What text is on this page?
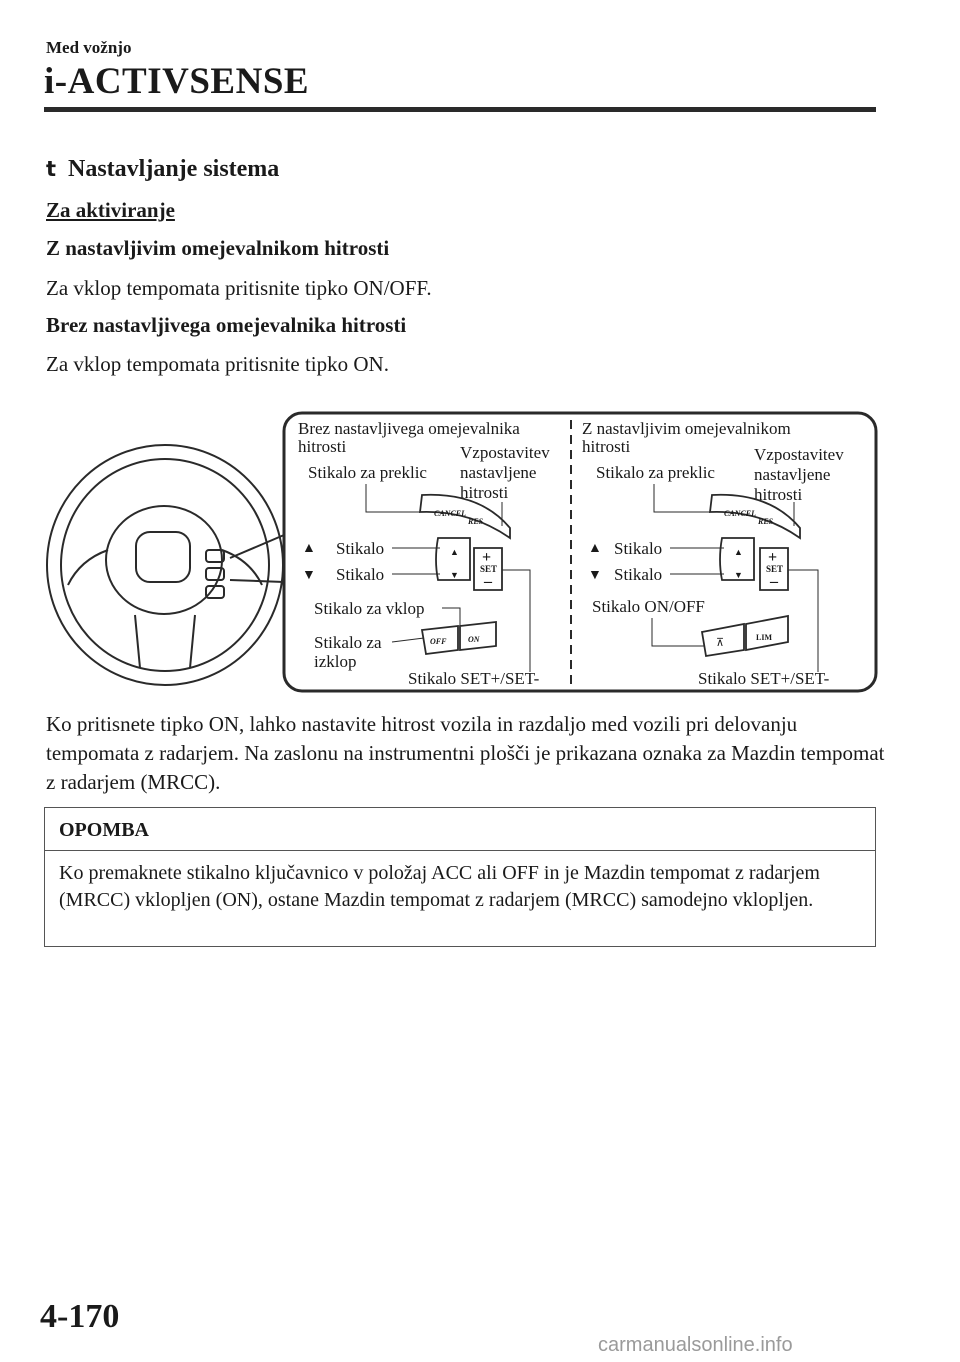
Med vožnjo
i-ACTIVSENSE
t Nastavljanje sistema
Za aktiviranje
Z nastavljivim omejevalnikom hitrosti
Za vklop tempomata pritisnite tipko ON/OFF.
Brez nastavljivega omejevalnika hitrosti
Za vklop tempomata pritisnite tipko ON.
Brez nastavljivega omejevalnika
hitrosti
Stikalo za preklic
Vzpostavitev
nastavljene
hitrosti
CANCEL
RES
SET
+
–
▲
▼
OFF	ON
▲ Stikalo
▼ Stikalo
Stikalo za vklop
Stikalo za
izklop
Stikalo SET+/SET-
Z nastavljivim omejevalnikom
hitrosti
Stikalo za preklic
Vzpostavitev
nastavljene
hitrosti
CANCEL
RES
SET
+
–
▲
▼
⊼	LIM
▲ Stikalo
▼ Stikalo
Stikalo ON/OFF
Stikalo SET+/SET-
Ko pritisnete tipko ON, lahko nastavite hitrost vozila in razdaljo med vozili pri delovanju tempomata z radarjem. Na zaslonu na instrumentni plošči je prikazana oznaka za Mazdin tempomat z radarjem (MRCC).
OPOMBA
Ko premaknete stikalno ključavnico v položaj ACC ali OFF in je Mazdin tempomat z radarjem (MRCC) vklopljen (ON), ostane Mazdin tempomat z radarjem (MRCC) samodejno vklopljen.
4-170
carmanualsonline.info
